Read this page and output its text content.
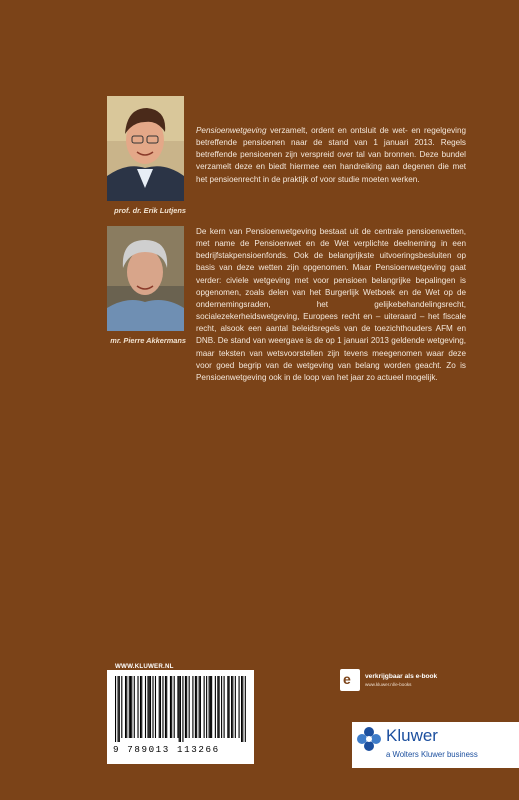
prof. dr. Erik Lutjens
mr. Pierre Akkermans

Pensioenwetgeving verzamelt, ordent en ontsluit de wet- en regelgeving betreffende pensioenen naar de stand van 1 januari 2013. Regels betreffende pensioenen zijn verspreid over tal van bronnen. Deze bundel verzamelt deze en biedt hiermee een handreiking aan degenen die met het pensioenrecht in de praktijk of voor studie moeten werken.

De kern van Pensioenwetgeving bestaat uit de centrale pensioenwetten, met name de Pensioenwet en de Wet verplichte deelneming in een bedrijfstakpensioenfonds. Ook de belangrijkste uitvoeringsbesluiten op basis van deze wetten zijn opgenomen. Maar Pensioenwetgeving gaat verder: civiele wetgeving met voor pensioen belangrijke bepalingen is opgenomen, zoals delen van het Burgerlijk Wetboek en de Wet op de ondernemingsraden, het gelijkebehandelingsrecht, socialezekerheidswetgeving, Europees recht en – uiteraard – het fiscale recht, alsook een aantal beleidsregels van de toezichthouders AFM en DNB. De stand van weergave is de op 1 januari 2013 geldende wetgeving, maar teksten van wetsvoorstellen zijn tevens meegenomen waar deze voor goed begrip van de wetgeving van belang worden geacht. Zo is Pensioenwetgeving ook in de loop van het jaar zo actueel mogelijk.

WWW.KLUWER.NL
9 789013 113266
e verkrijgbaar als e-book
www.kluwer.nl/e-books
Kluwer
a Wolters Kluwer business
